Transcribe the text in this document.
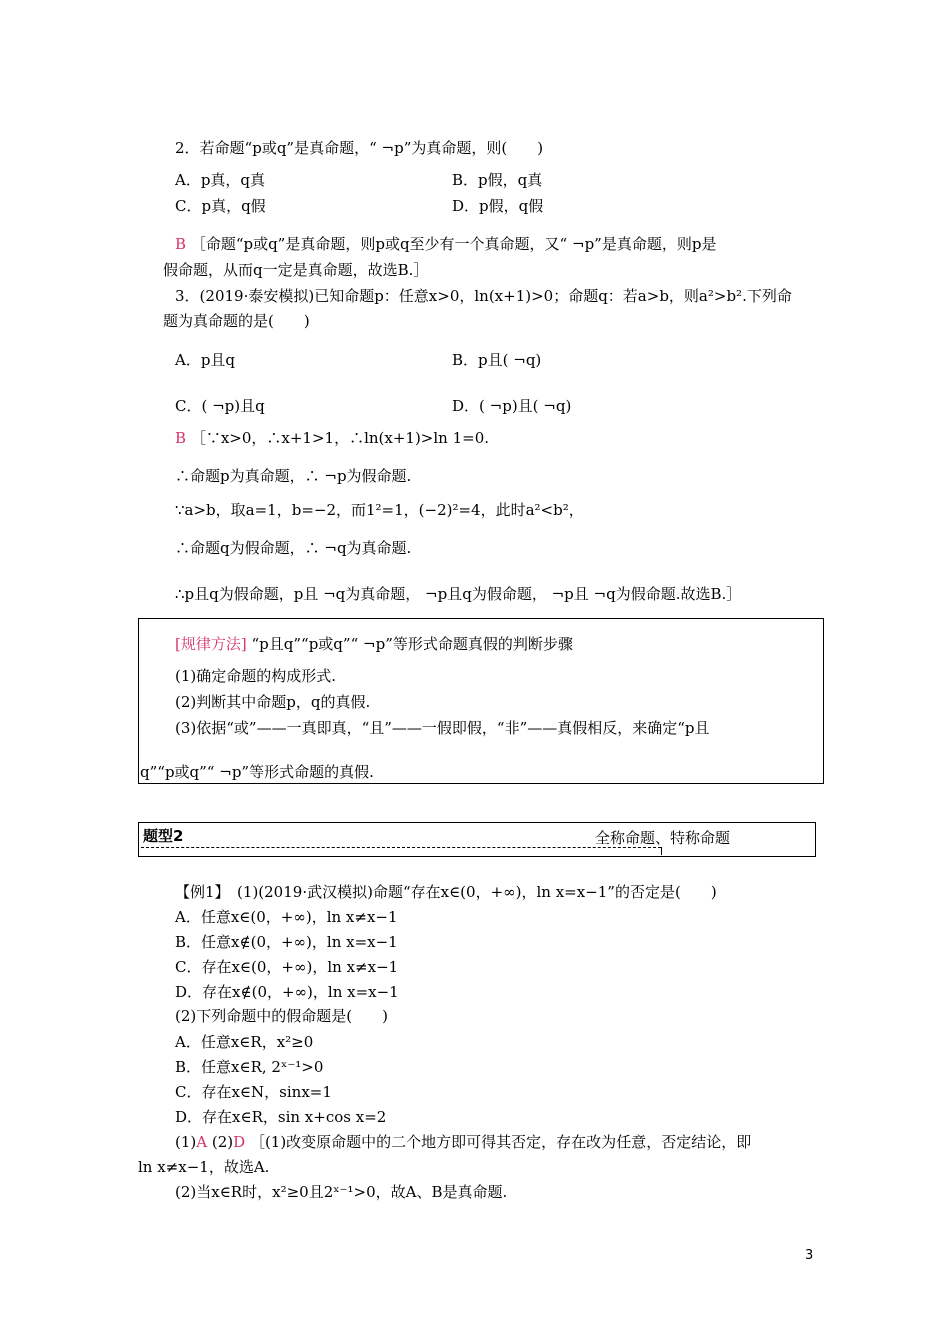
2．若命题“p或q”是真命题，“ ¬p”为真命题，则(　　)
A．p真，q真	B．p假，q真
C．p真，q假	D．p假，q假
B ［命题“p或q”是真命题，则p或q至少有一个真命题，又“ ¬p”是真命题，则p是
假命题，从而q一定是真命题，故选B.］
3．(2019·泰安模拟)已知命题p：任意x>0，ln(x+1)>0；命题q：若a>b，则a²>b².下列命
题为真命题的是(　　)
A．p且q	B．p且( ¬q)
C．( ¬p)且q	D．( ¬p)且( ¬q)
B ［∵x>0，∴x+1>1，∴ln(x+1)>ln 1=0.
∴命题p为真命题，∴ ¬p为假命题.
∵a>b，取a=1，b=−2，而1²=1，(−2)²=4，此时a²<b²，
∴命题q为假命题，∴ ¬q为真命题.
∴p且q为假命题，p且 ¬q为真命题， ¬p且q为假命题， ¬p且 ¬q为假命题.故选B.］
[规律方法] “p且q”“p或q”“ ¬p”等形式命题真假的判断步骤
(1)确定命题的构成形式.
(2)判断其中命题p，q的真假.
(3)依据“或”——一真即真，“且”——一假即假，“非”——真假相反，来确定“p且
q”“p或q”“ ¬p”等形式命题的真假.
题型2	全称命题、特称命题
【例1】　(1)(2019·武汉模拟)命题“存在x∈(0，+∞)，ln x=x−1”的否定是(　　)
A．任意x∈(0，+∞)，ln x≠x−1
B．任意x∉(0，+∞)，ln x=x−1
C．存在x∈(0，+∞)，ln x≠x−1
D．存在x∉(0，+∞)，ln x=x−1
(2)下列命题中的假命题是(　　)
A．任意x∈R，x²≥0
B．任意x∈R, 2ˣ⁻¹>0
C．存在x∈N，sinx=1
D．存在x∈R，sin x+cos x=2
(1)A (2)D ［(1)改变原命题中的二个地方即可得其否定，存在改为任意，否定结论，即
ln x≠x−1，故选A.
(2)当x∈R时，x²≥0且2ˣ⁻¹>0，故A、B是真命题.
3
